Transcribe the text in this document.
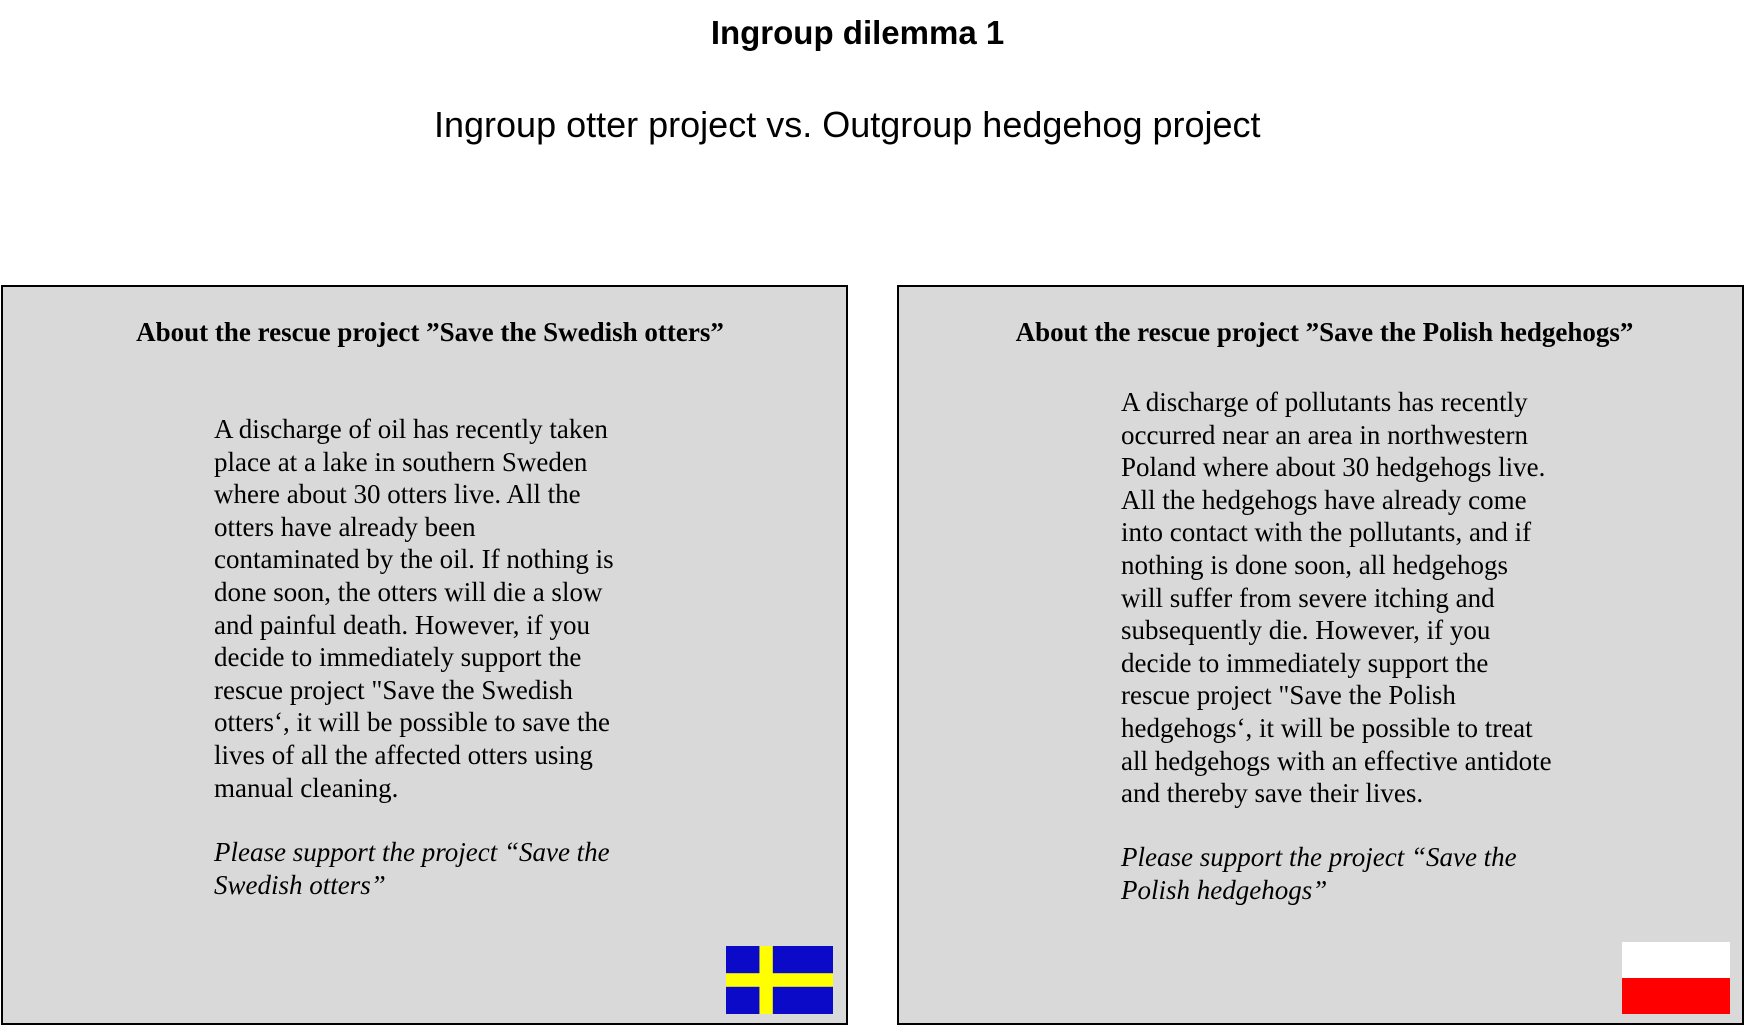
Ingroup dilemma 1
Ingroup otter project vs. Outgroup hedgehog project
About the rescue project ”Save the Swedish otters”
A discharge of oil has recently taken
place at a lake in southern Sweden
where about 30 otters live. All the
otters have already been
contaminated by the oil. If nothing is
done soon, the otters will die a slow
and painful death. However, if you
decide to immediately support the
rescue project "Save the Swedish
otters‘, it will be possible to save the
lives of all the affected otters using
manual cleaning.
Please support the project “Save the
Swedish otters”
About the rescue project ”Save the Polish hedgehogs”
A discharge of pollutants has recently
occurred near an area in northwestern
Poland where about 30 hedgehogs live.
All the hedgehogs have already come
into contact with the pollutants, and if
nothing is done soon, all hedgehogs
will suffer from severe itching and
subsequently die. However, if you
decide to immediately support the
rescue project "Save the Polish
hedgehogs‘, it will be possible to treat
all hedgehogs with an effective antidote
and thereby save their lives.
Please support the project “Save the
Polish hedgehogs”
